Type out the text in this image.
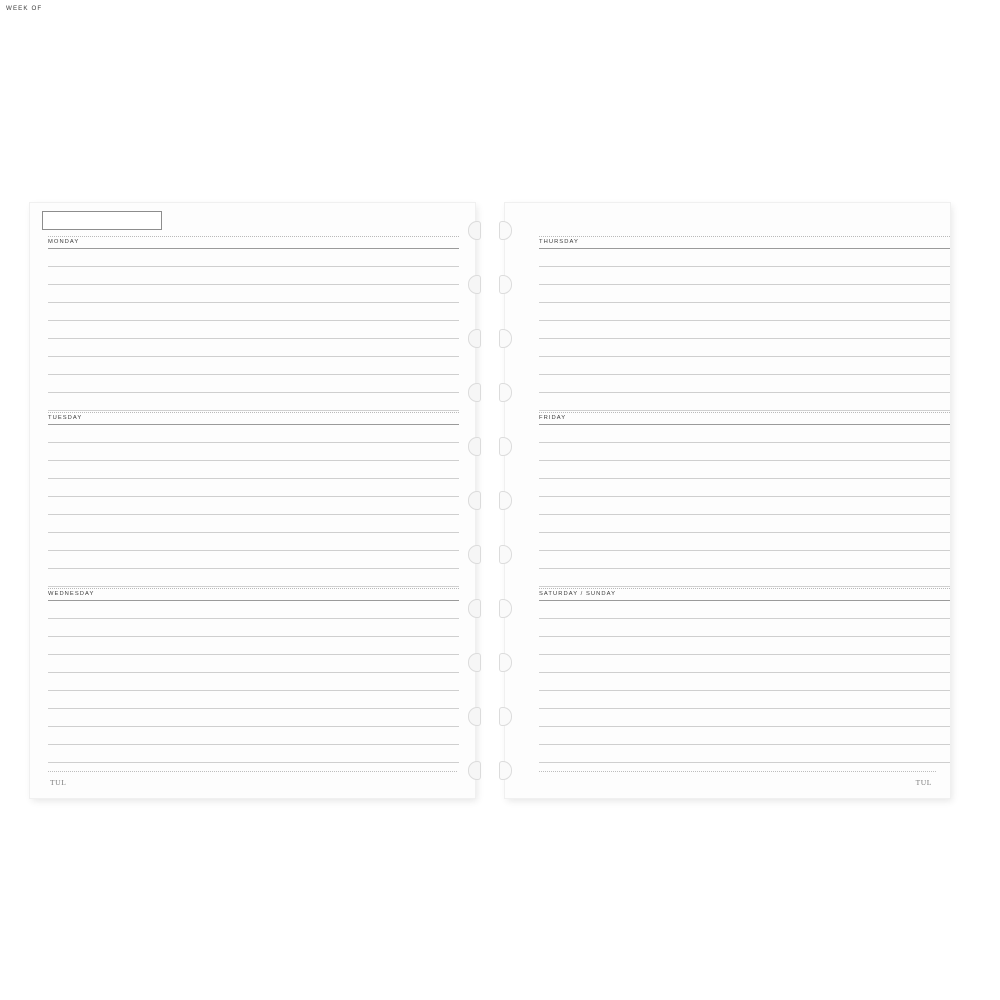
MONDAY
TUESDAY
WEDNESDAY
TUL
THURSDAY
FRIDAY
SATURDAY / SUNDAY
TUL
WEEK OF
